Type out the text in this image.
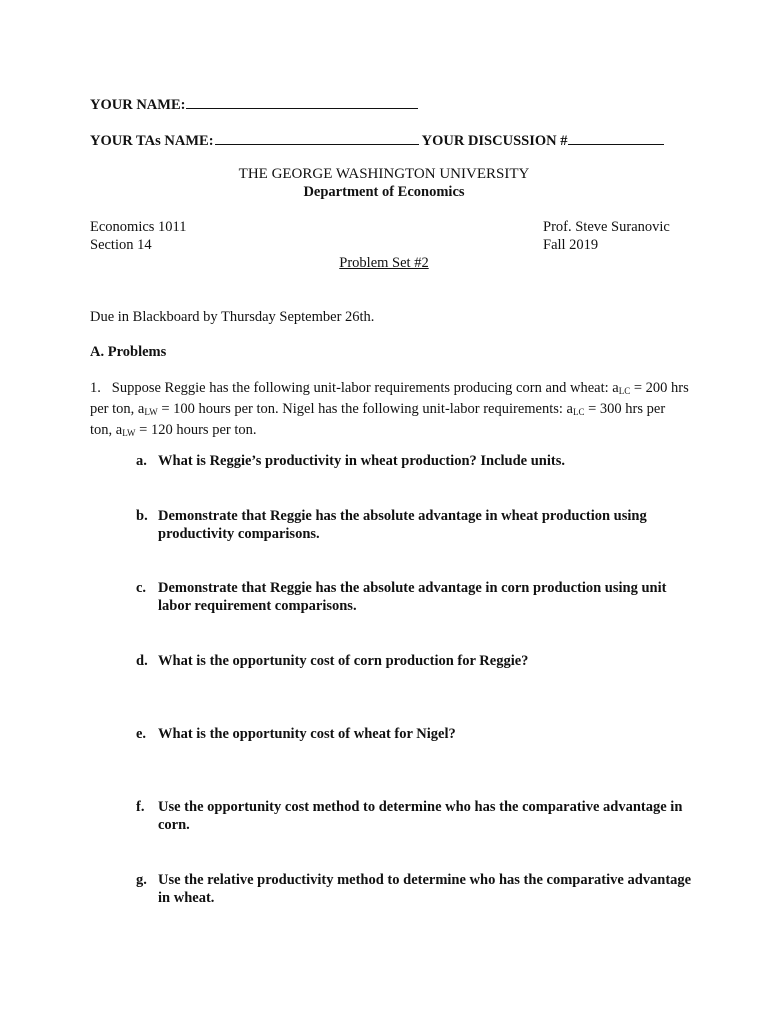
YOUR NAME:
YOUR TAs NAME:	YOUR DISCUSSION #
THE GEORGE WASHINGTON UNIVERSITY
Department of Economics
Economics 1011
Section 14
Prof. Steve Suranovic
Fall 2019
Problem Set #2
Due in Blackboard by Thursday September 26th.
A. Problems
1. Suppose Reggie has the following unit-labor requirements producing corn and wheat: $a_{LC} = 200$ hrs per ton, $a_{LW} = 100$ hours per ton. Nigel has the following unit-labor requirements: $a_{LC} = 300$ hrs per ton, $a_{LW} = 120$ hours per ton.
a. What is Reggie’s productivity in wheat production? Include units.
b. Demonstrate that Reggie has the absolute advantage in wheat production using productivity comparisons.
c. Demonstrate that Reggie has the absolute advantage in corn production using unit labor requirement comparisons.
d. What is the opportunity cost of corn production for Reggie?
e. What is the opportunity cost of wheat for Nigel?
f. Use the opportunity cost method to determine who has the comparative advantage in corn.
g. Use the relative productivity method to determine who has the comparative advantage in wheat.
